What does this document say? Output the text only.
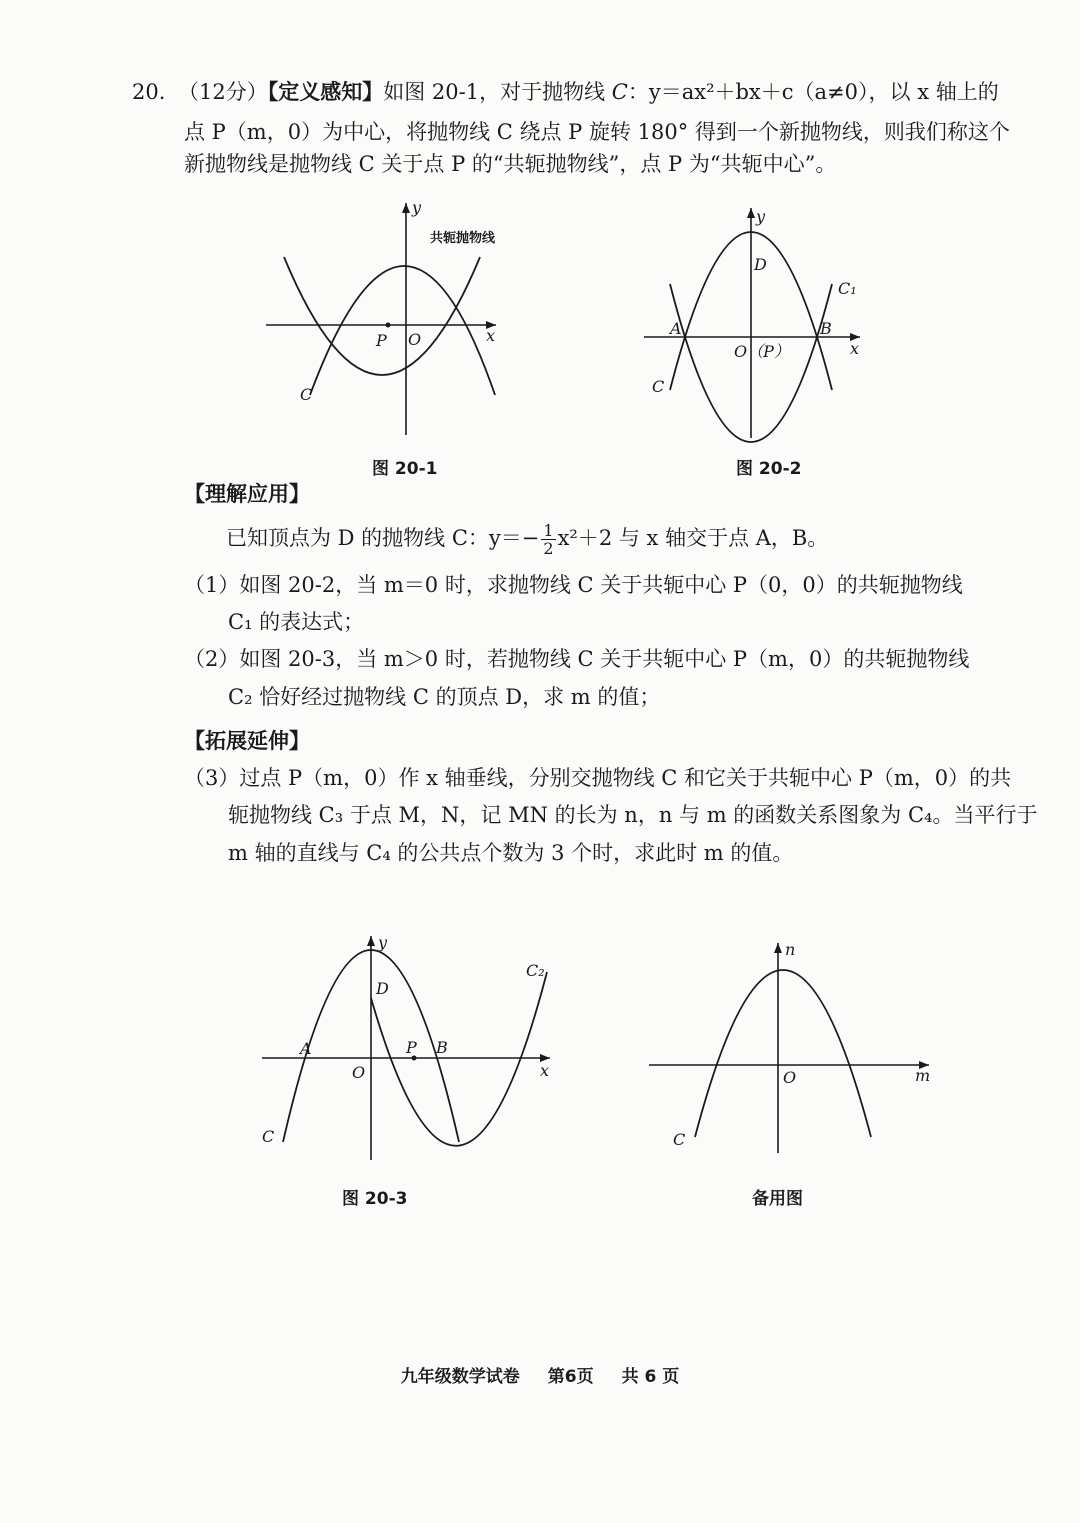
20. （12分）【定义感知】如图 20-1，对于抛物线 C：y＝ax²＋bx＋c（a≠0），以 x 轴上的
点 P（m，0）为中心，将抛物线 C 绕点 P 旋转 180° 得到一个新抛物线，则我们称这个
新抛物线是抛物线 C 关于点 P 的“共轭抛物线”，点 P 为“共轭中心”。
y
x
O
P
C
共轭抛物线
图 20-1
y
x
D
A	B
O（P）
C
C₁
图 20-2
【理解应用】
已知顶点为 D 的抛物线 C：$y=- \frac{1}{2} x^2+2$ 与 x 轴交于点 A，B。
（1）如图 20-2，当 m＝0 时，求抛物线 C 关于共轭中心 P（0，0）的共轭抛物线
C₁ 的表达式；
（2）如图 20-3，当 m＞0 时，若抛物线 C 关于共轭中心 P（m，0）的共轭抛物线
C₂ 恰好经过抛物线 C 的顶点 D，求 m 的值；
【拓展延伸】
（3）过点 P（m，0）作 x 轴垂线，分别交抛物线 C 和它关于共轭中心 P（m，0）的共
轭抛物线 C₃ 于点 M，N，记 MN 的长为 n，n 与 m 的函数关系图象为 C₄。当平行于
m 轴的直线与 C₄ 的公共点个数为 3 个时，求此时 m 的值。
y
x
D
A	P B
O
C
C₂
图 20-3
n
m
O
C
备用图
九年级数学试卷 第6页 共 6 页
